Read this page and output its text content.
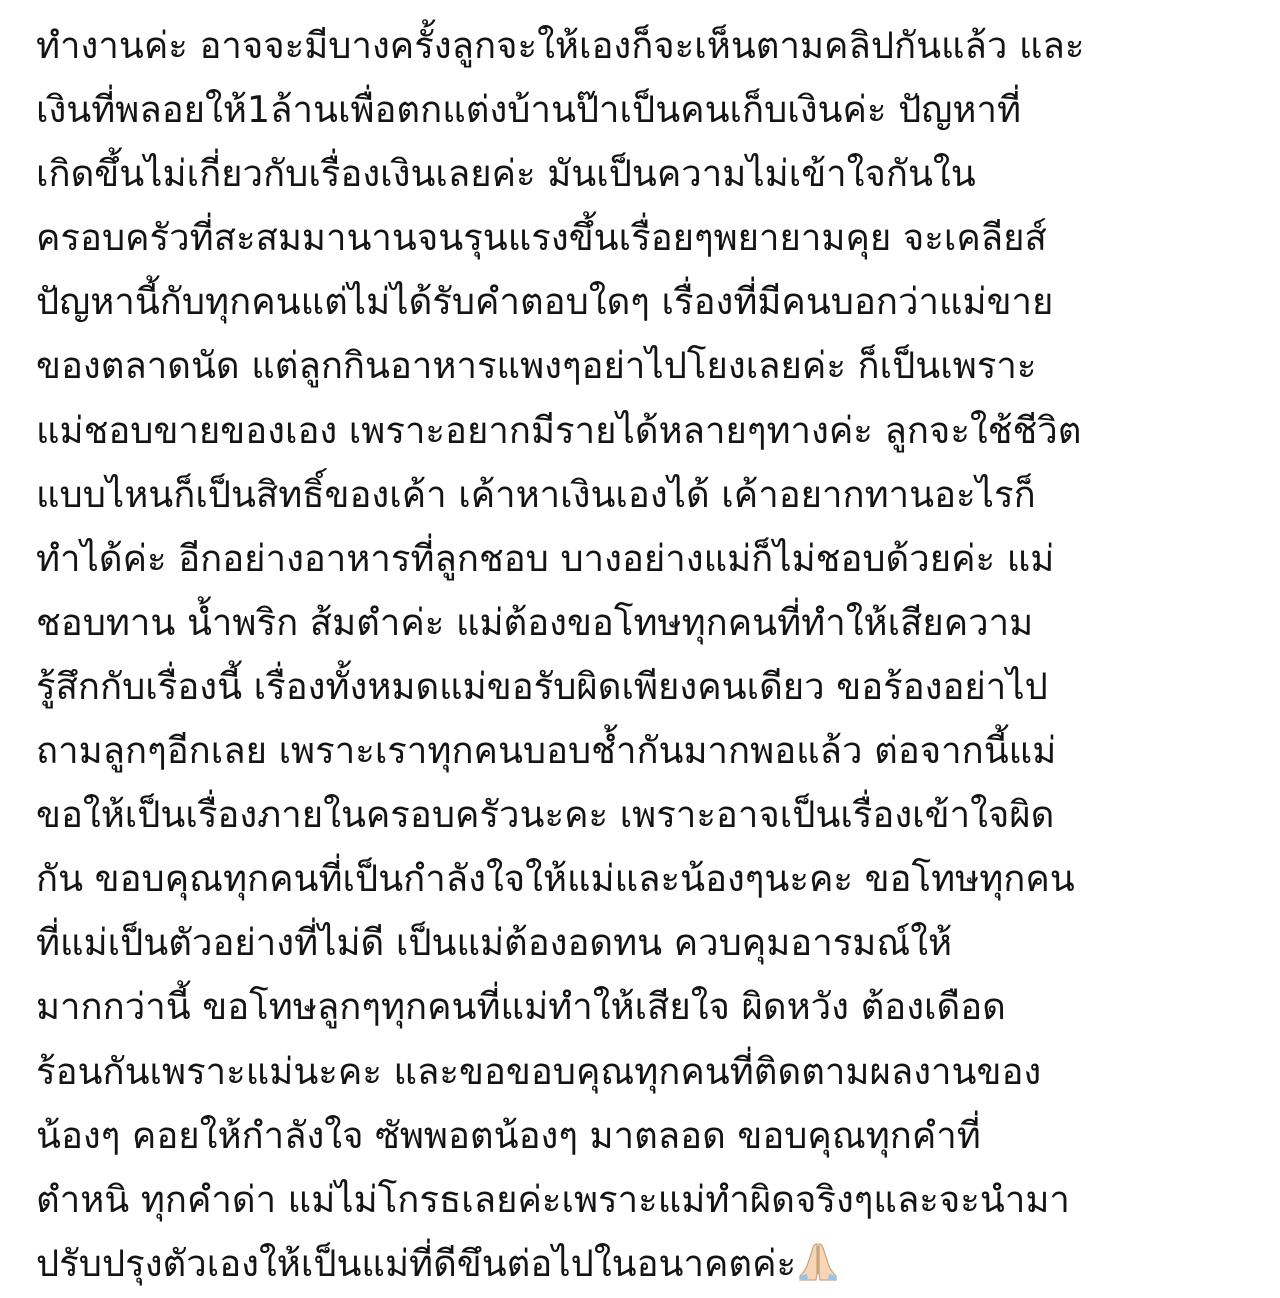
ทำงานค่ะ อาจจะมีบางครั้งลูกจะให้เองก็จะเห็นตามคลิปกันแล้ว และ
เงินที่พลอยให้1ล้านเพื่อตกแต่งบ้านป๊าเป็นคนเก็บเงินค่ะ ปัญหาที่
เกิดขึ้นไม่เกี่ยวกับเรื่องเงินเลยค่ะ มันเป็นความไม่เข้าใจกันใน
ครอบครัวที่สะสมมานานจนรุนแรงขึ้นเรื่อยๆพยายามคุย จะเคลียส์
ปัญหานี้กับทุกคนแต่ไม่ได้รับคำตอบใดๆ เรื่องที่มีคนบอกว่าแม่ขาย
ของตลาดนัด แต่ลูกกินอาหารแพงๆอย่าไปโยงเลยค่ะ ก็เป็นเพราะ
แม่ชอบขายของเอง เพราะอยากมีรายได้หลายๆทางค่ะ ลูกจะใช้ชีวิต
แบบไหนก็เป็นสิทธิ์ของเค้า เค้าหาเงินเองได้ เค้าอยากทานอะไรก็
ทำได้ค่ะ อีกอย่างอาหารที่ลูกชอบ บางอย่างแม่ก็ไม่ชอบด้วยค่ะ แม่
ชอบทาน น้ำพริก ส้มตำค่ะ แม่ต้องขอโทษทุกคนที่ทำให้เสียความ
รู้สึกกับเรื่องนี้ เรื่องทั้งหมดแม่ขอรับผิดเพียงคนเดียว ขอร้องอย่าไป
ถามลูกๆอีกเลย เพราะเราทุกคนบอบช้ำกันมากพอแล้ว ต่อจากนี้แม่
ขอให้เป็นเรื่องภายในครอบครัวนะคะ เพราะอาจเป็นเรื่องเข้าใจผิด
กัน ขอบคุณทุกคนที่เป็นกำลังใจให้แม่และน้องๆนะคะ ขอโทษทุกคน
ที่แม่เป็นตัวอย่างที่ไม่ดี เป็นแม่ต้องอดทน ควบคุมอารมณ์ให้
มากกว่านี้ ขอโทษลูกๆทุกคนที่แม่ทำให้เสียใจ ผิดหวัง ต้องเดือด
ร้อนกันเพราะแม่นะคะ และขอขอบคุณทุกคนที่ติดตามผลงานของ
น้องๆ คอยให้กำลังใจ ซัพพอตน้องๆ มาตลอด ขอบคุณทุกคำที่
ตำหนิ ทุกคำด่า แม่ไม่โกรธเลยค่ะเพราะแม่ทำผิดจริงๆและจะนำมา
ปรับปรุงตัวเองให้เป็นแม่ที่ดีขึนต่อไปในอนาคตค่ะ
